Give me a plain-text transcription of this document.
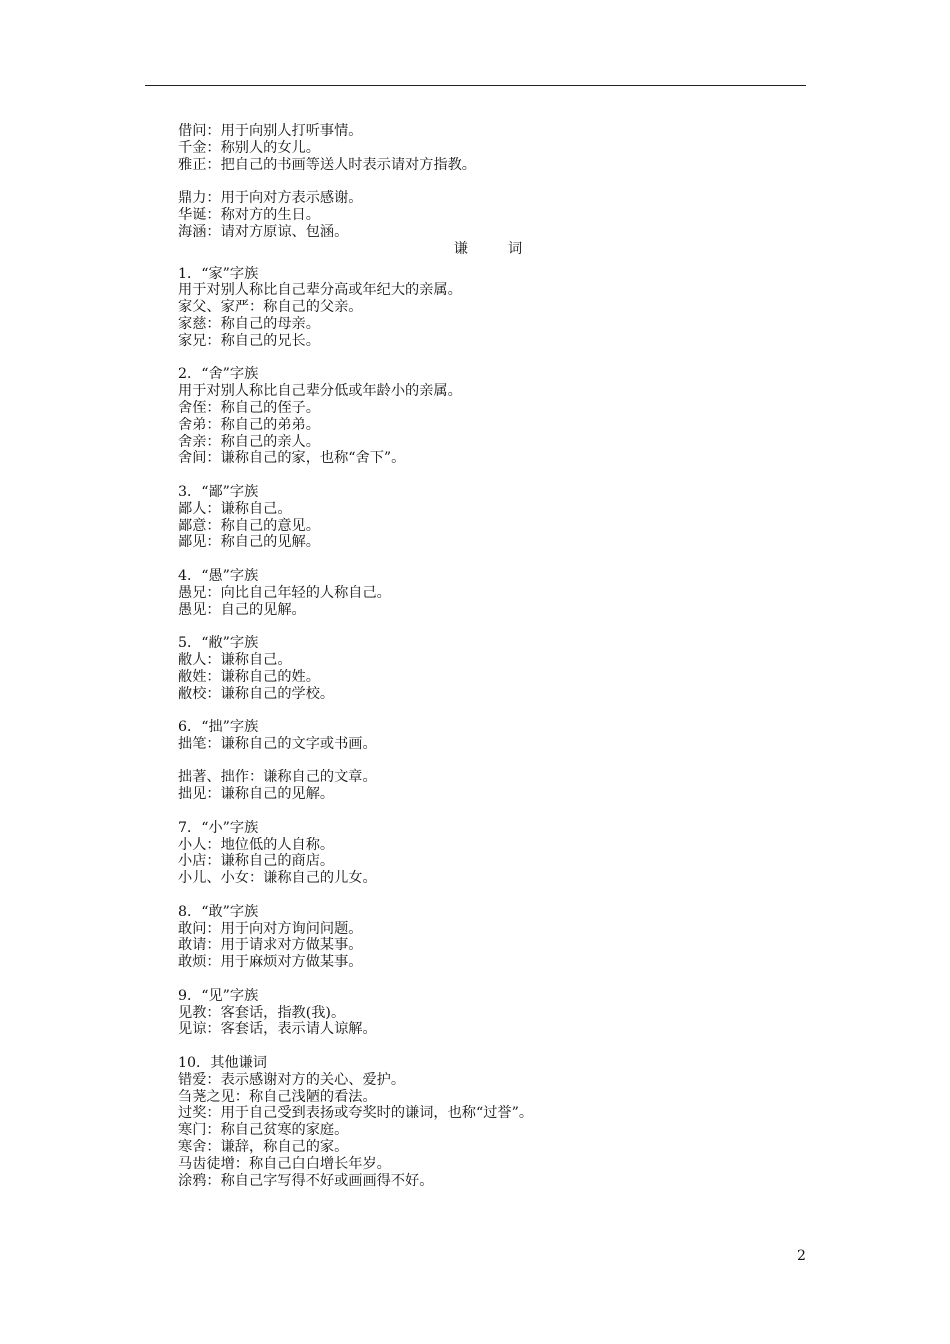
借问：用于向别人打听事情。
千金：称别人的女儿。
雅正：把自己的书画等送人时表示请对方指教。
鼎力：用于向对方表示感谢。
华诞：称对方的生日。
海涵：请对方原谅、包涵。
谦	词
1．“家”字族
用于对别人称比自己辈分高或年纪大的亲属。
家父、家严：称自己的父亲。
家慈：称自己的母亲。
家兄：称自己的兄长。
2．“舍”字族
用于对别人称比自己辈分低或年龄小的亲属。
舍侄：称自己的侄子。
舍弟：称自己的弟弟。
舍亲：称自己的亲人。
舍间：谦称自己的家，也称“舍下”。
3．“鄙”字族
鄙人：谦称自己。
鄙意：称自己的意见。
鄙见：称自己的见解。
4．“愚”字族
愚兄：向比自己年轻的人称自己。
愚见：自己的见解。
5．“敝”字族
敝人：谦称自己。
敝姓：谦称自己的姓。
敝校：谦称自己的学校。
6．“拙”字族
拙笔：谦称自己的文字或书画。
拙著、拙作：谦称自己的文章。
拙见：谦称自己的见解。
7．“小”字族
小人：地位低的人自称。
小店：谦称自己的商店。
小儿、小女：谦称自己的儿女。
8．“敢”字族
敢问：用于向对方询问问题。
敢请：用于请求对方做某事。
敢烦：用于麻烦对方做某事。
9．“见”字族
见教：客套话，指教(我)。
见谅：客套话，表示请人谅解。
10．其他谦词
错爱：表示感谢对方的关心、爱护。
刍荛之见：称自己浅陋的看法。
过奖：用于自己受到表扬或夸奖时的谦词，也称“过誉”。
寒门：称自己贫寒的家庭。
寒舍：谦辞，称自己的家。
马齿徒增：称自己白白增长年岁。
涂鸦：称自己字写得不好或画画得不好。
2
